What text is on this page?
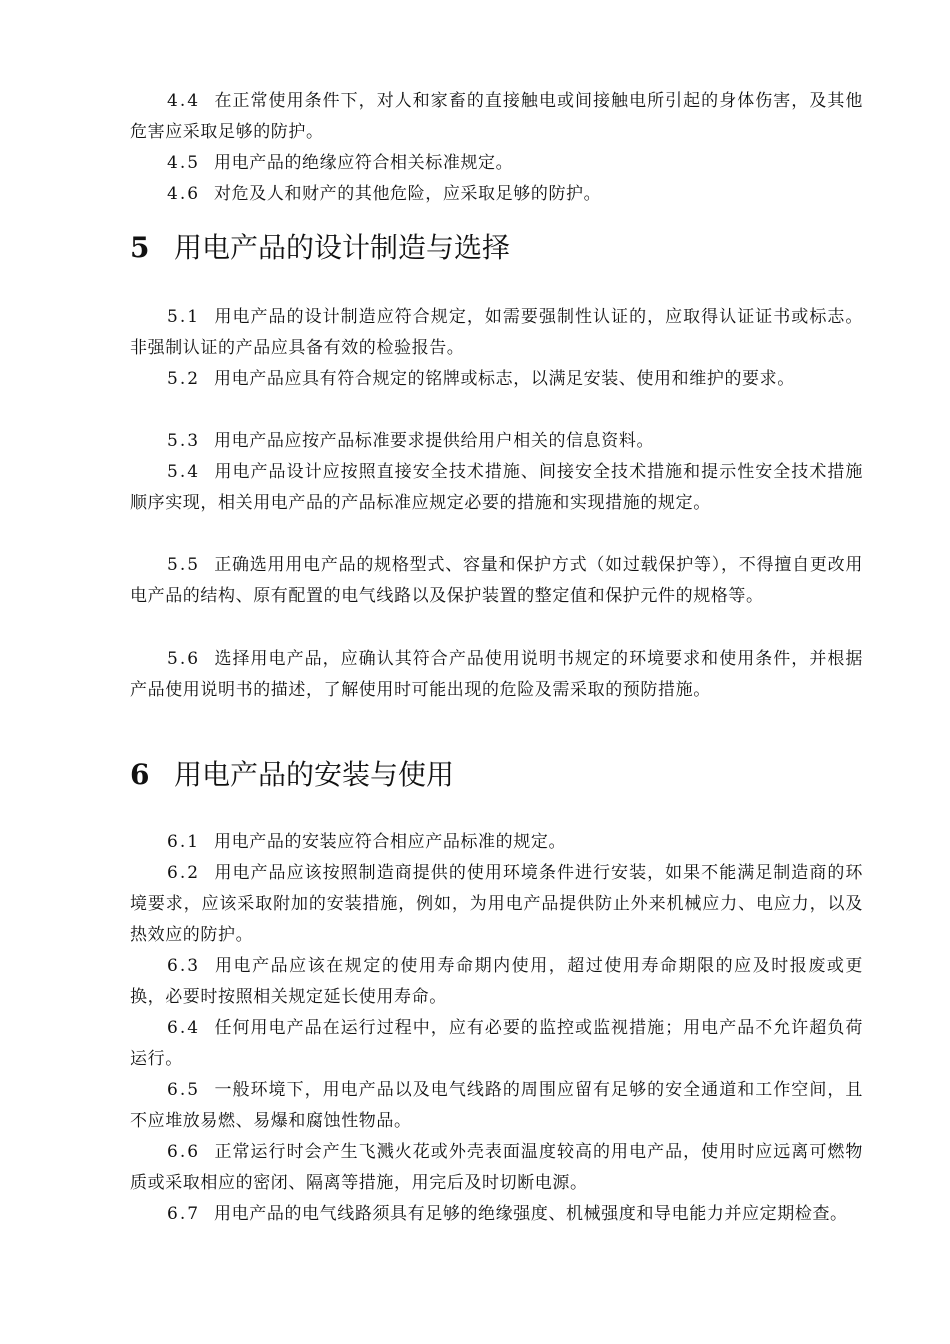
4.4 在正常使用条件下，对人和家畜的直接触电或间接触电所引起的身体伤害，及其他危害应采取足够的防护。

4.5 用电产品的绝缘应符合相关标准规定。

4.6 对危及人和财产的其他危险，应采取足够的防护。

5 用电产品的设计制造与选择

5.1 用电产品的设计制造应符合规定，如需要强制性认证的，应取得认证证书或标志。非强制认证的产品应具备有效的检验报告。

5.2 用电产品应具有符合规定的铭牌或标志，以满足安装、使用和维护的要求。

5.3 用电产品应按产品标准要求提供给用户相关的信息资料。

5.4 用电产品设计应按照直接安全技术措施、间接安全技术措施和提示性安全技术措施顺序实现，相关用电产品的产品标准应规定必要的措施和实现措施的规定。

5.5 正确选用用电产品的规格型式、容量和保护方式（如过载保护等），不得擅自更改用电产品的结构、原有配置的电气线路以及保护装置的整定值和保护元件的规格等。

5.6 选择用电产品，应确认其符合产品使用说明书规定的环境要求和使用条件，并根据产品使用说明书的描述，了解使用时可能出现的危险及需采取的预防措施。

6 用电产品的安装与使用

6.1 用电产品的安装应符合相应产品标准的规定。

6.2 用电产品应该按照制造商提供的使用环境条件进行安装，如果不能满足制造商的环境要求，应该采取附加的安装措施，例如，为用电产品提供防止外来机械应力、电应力，以及热效应的防护。

6.3 用电产品应该在规定的使用寿命期内使用，超过使用寿命期限的应及时报废或更换，必要时按照相关规定延长使用寿命。

6.4 任何用电产品在运行过程中，应有必要的监控或监视措施；用电产品不允许超负荷运行。

6.5 一般环境下，用电产品以及电气线路的周围应留有足够的安全通道和工作空间，且不应堆放易燃、易爆和腐蚀性物品。

6.6 正常运行时会产生飞溅火花或外壳表面温度较高的用电产品，使用时应远离可燃物质或采取相应的密闭、隔离等措施，用完后及时切断电源。

6.7 用电产品的电气线路须具有足够的绝缘强度、机械强度和导电能力并应定期检查。
